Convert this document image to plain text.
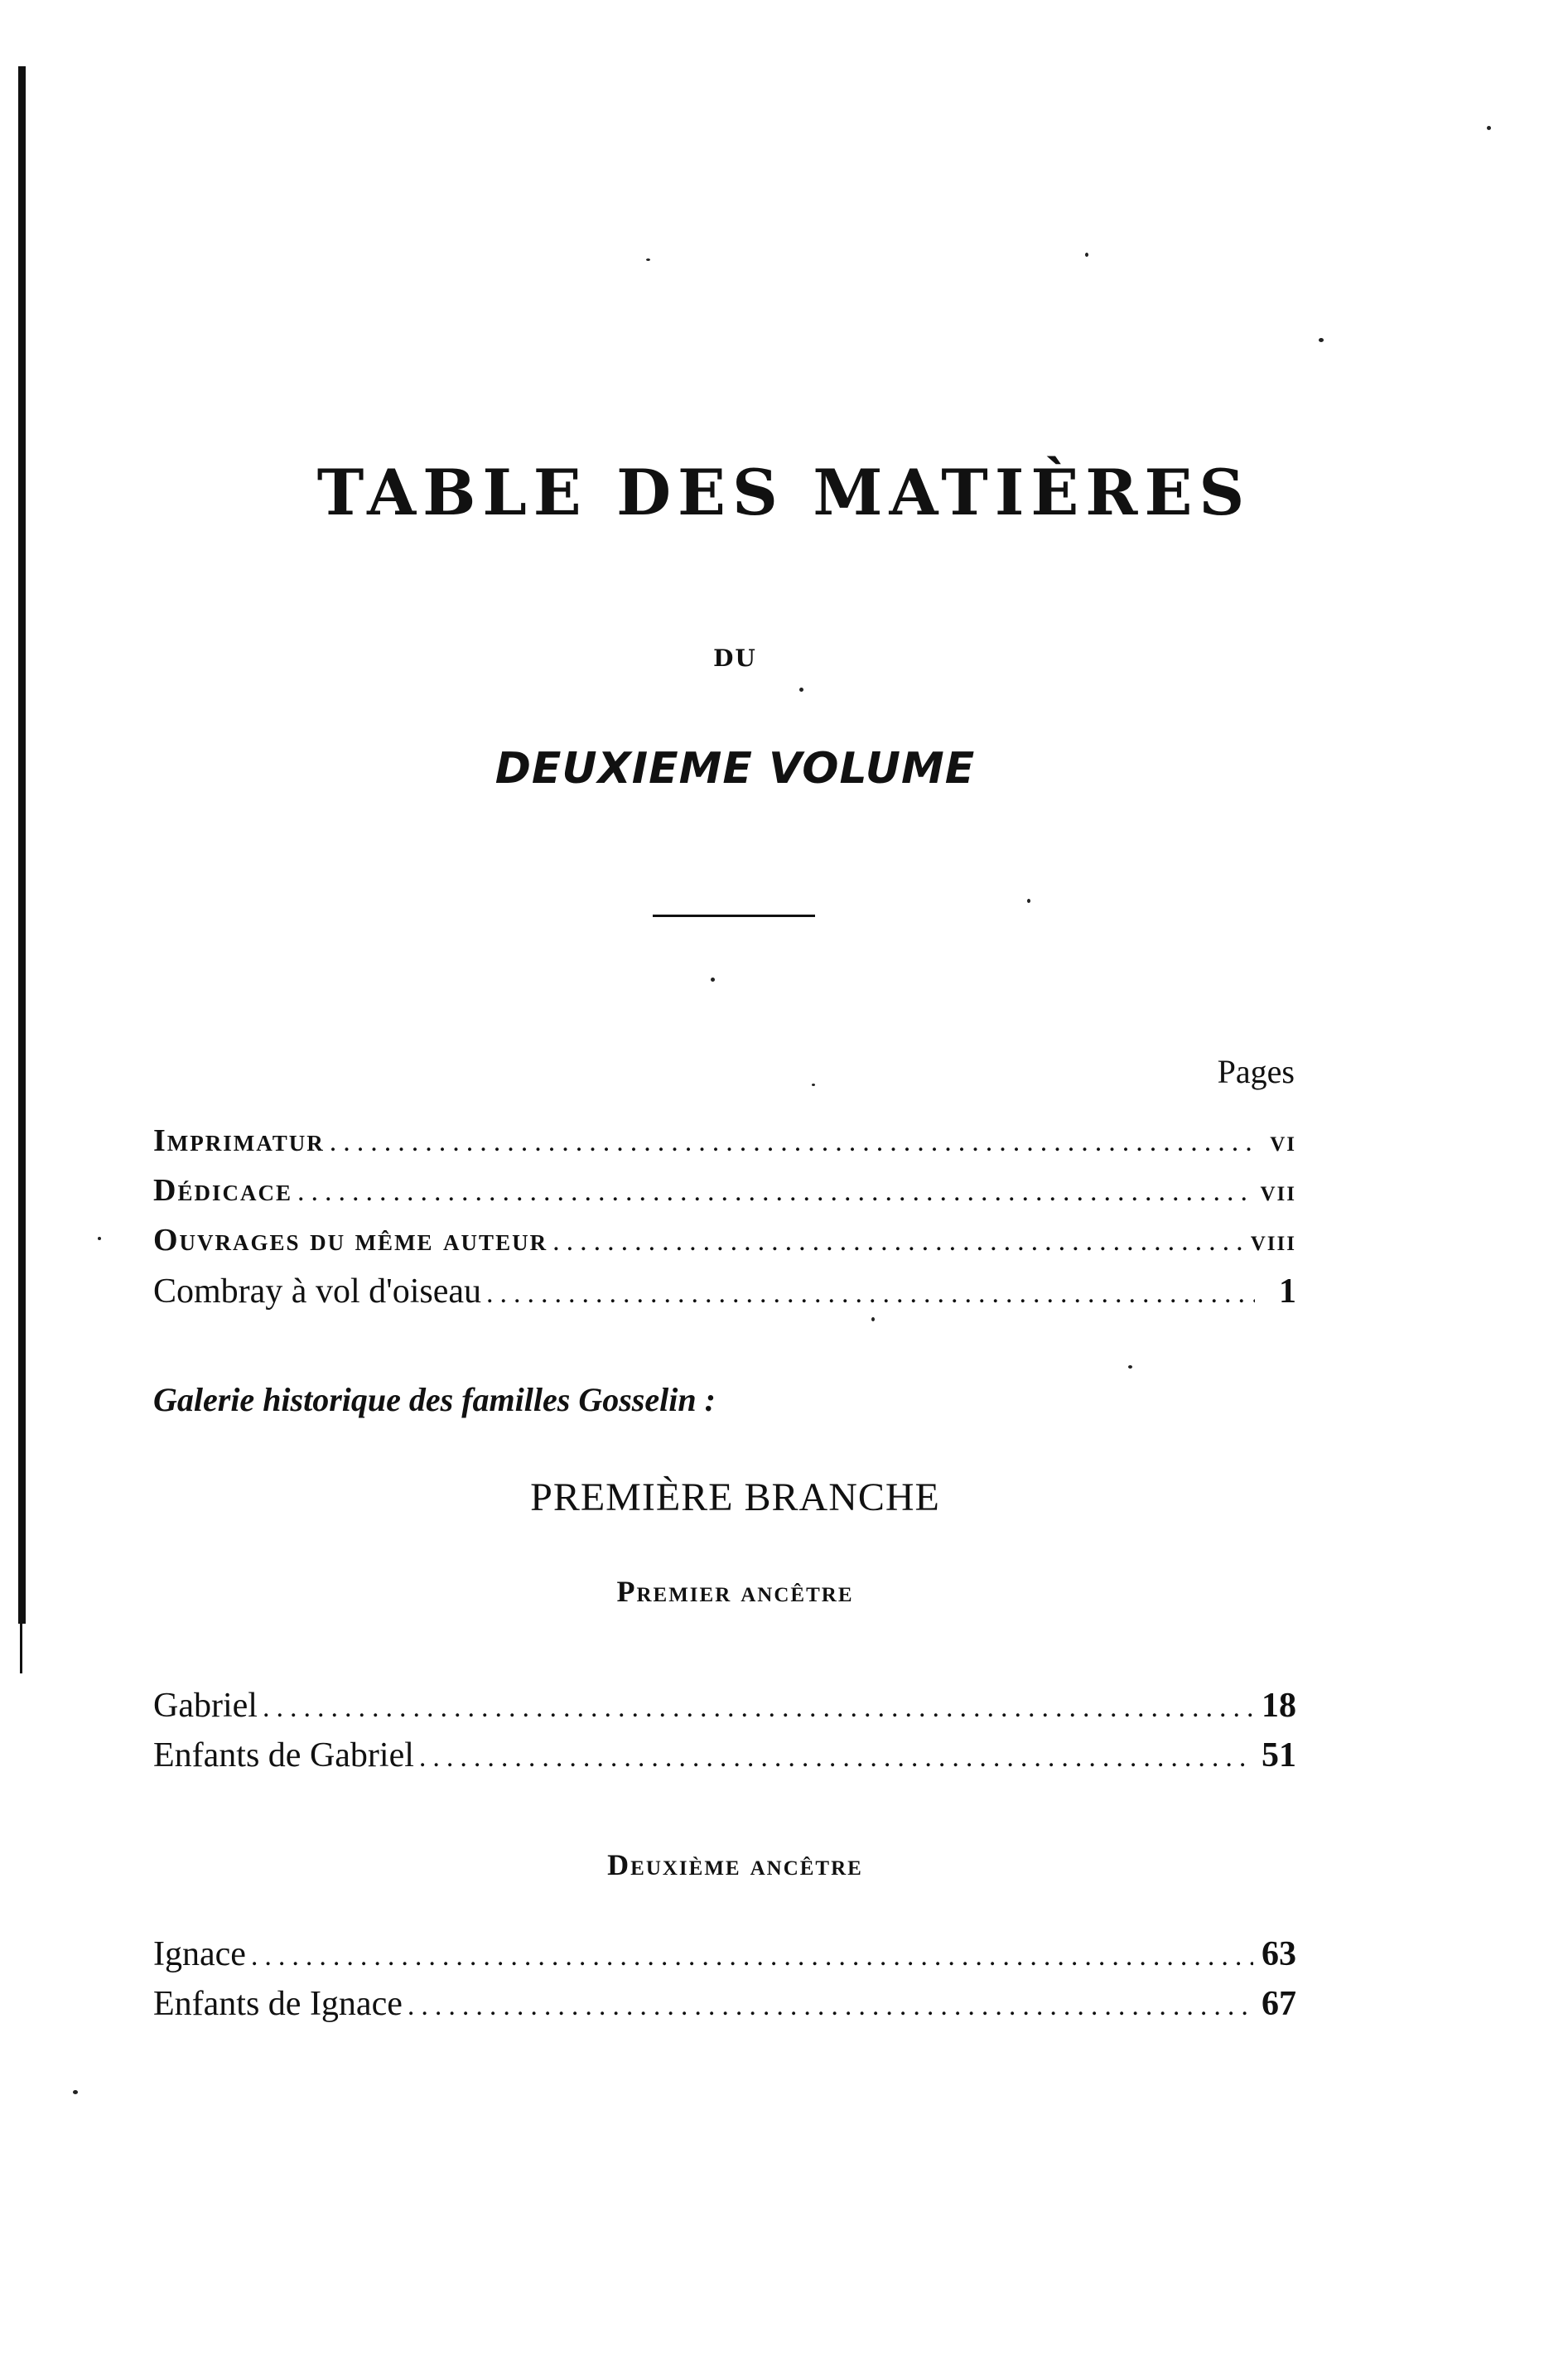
TABLE DES MATIÈRES
DU
DEUXIEME VOLUME
Pages
Imprimatur .....	vi
Dédicace .....	vii
Ouvrages du même auteur .....	viii
Combray à vol d'oiseau .....	1
Galerie historique des familles Gosselin :
PREMIÈRE BRANCHE
Premier ancêtre
Gabriel .....	18
Enfants de Gabriel .....	51
Deuxième ancêtre
Ignace .....	63
Enfants de Ignace .....	67
